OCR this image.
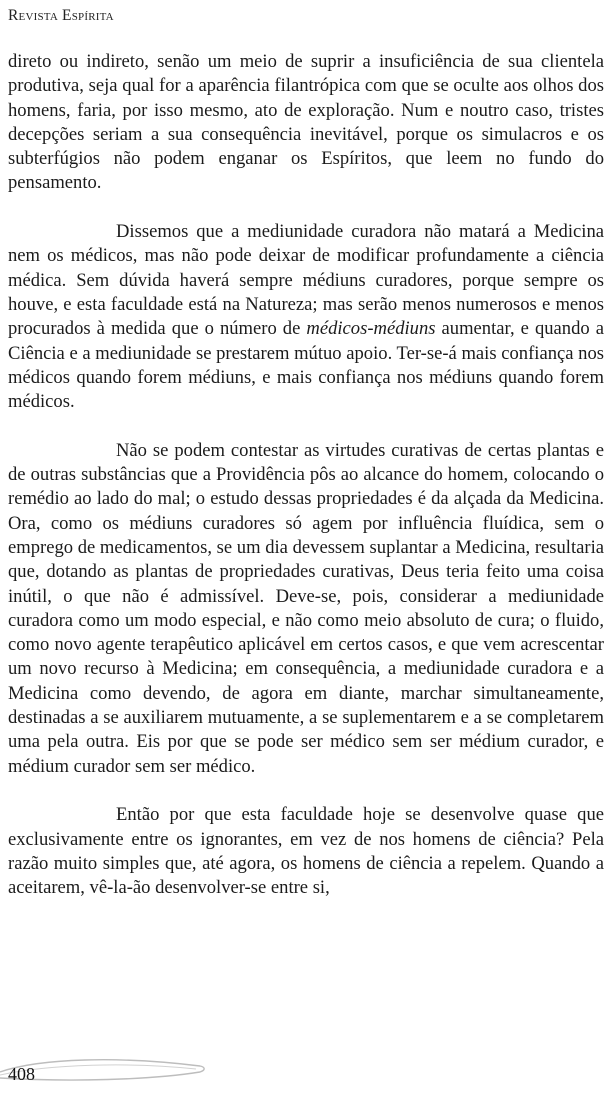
Revista Espírita

direto ou indireto, senão um meio de suprir a insuficiência de sua clientela produtiva, seja qual for a aparência filantrópica com que se oculte aos olhos dos homens, faria, por isso mesmo, ato de exploração. Num e noutro caso, tristes decepções seriam a sua consequência inevitável, porque os simulacros e os subterfúgios não podem enganar os Espíritos, que leem no fundo do pensamento.

Dissemos que a mediunidade curadora não matará a Medicina nem os médicos, mas não pode deixar de modificar profundamente a ciência médica. Sem dúvida haverá sempre médiuns curadores, porque sempre os houve, e esta faculdade está na Natureza; mas serão menos numerosos e menos procurados à medida que o número de médicos-médiuns aumentar, e quando a Ciência e a mediunidade se prestarem mútuo apoio. Ter-se-á mais confiança nos médicos quando forem médiuns, e mais confiança nos médiuns quando forem médicos.

Não se podem contestar as virtudes curativas de certas plantas e de outras substâncias que a Providência pôs ao alcance do homem, colocando o remédio ao lado do mal; o estudo dessas propriedades é da alçada da Medicina. Ora, como os médiuns curadores só agem por influência fluídica, sem o emprego de medicamentos, se um dia devessem suplantar a Medicina, resultaria que, dotando as plantas de propriedades curativas, Deus teria feito uma coisa inútil, o que não é admissível. Deve-se, pois, considerar a mediunidade curadora como um modo especial, e não como meio absoluto de cura; o fluido, como novo agente terapêutico aplicável em certos casos, e que vem acrescentar um novo recurso à Medicina; em consequência, a mediunidade curadora e a Medicina como devendo, de agora em diante, marchar simultaneamente, destinadas a se auxiliarem mutuamente, a se suplementarem e a se completarem uma pela outra. Eis por que se pode ser médico sem ser médium curador, e médium curador sem ser médico.

Então por que esta faculdade hoje se desenvolve quase que exclusivamente entre os ignorantes, em vez de nos homens de ciência? Pela razão muito simples que, até agora, os homens de ciência a repelem. Quando a aceitarem, vê-la-ão desenvolver-se entre si,

408
